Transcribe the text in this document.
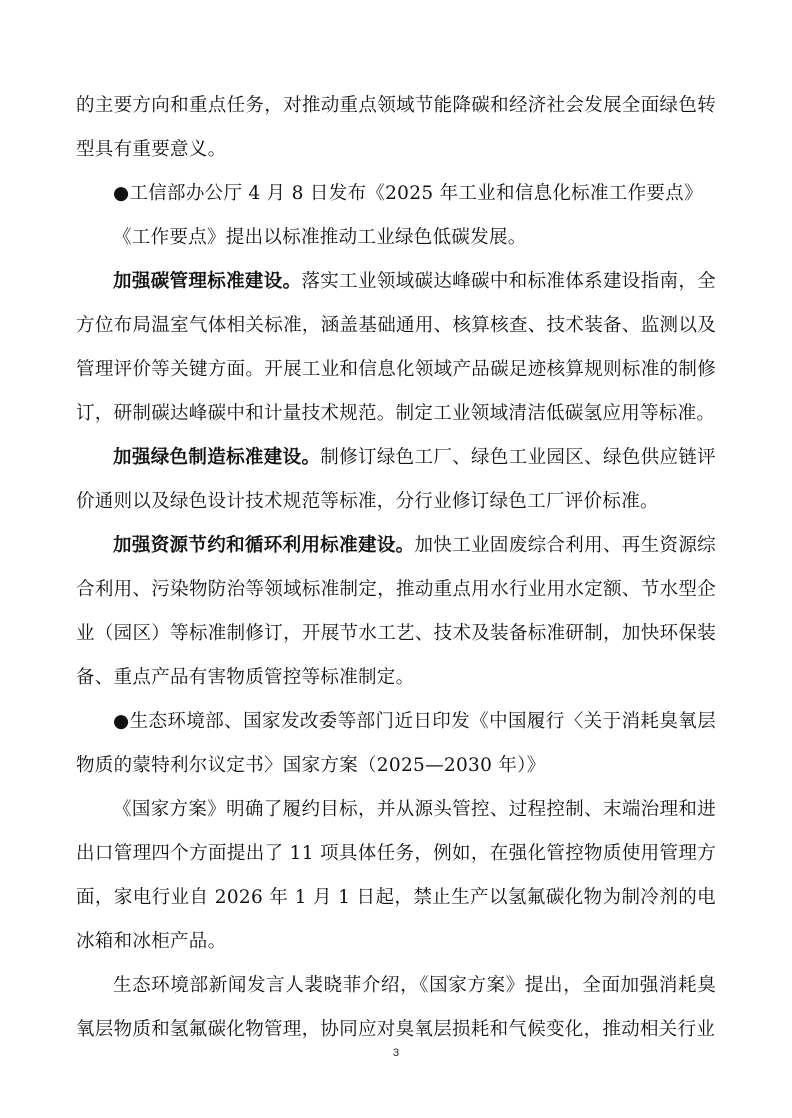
的主要方向和重点任务，对推动重点领域节能降碳和经济社会发展全面绿色转型具有重要意义。

●工信部办公厅 4 月 8 日发布《2025 年工业和信息化标准工作要点》

《工作要点》提出以标准推动工业绿色低碳发展。

加强碳管理标准建设。落实工业领域碳达峰碳中和标准体系建设指南，全方位布局温室气体相关标准，涵盖基础通用、核算核查、技术装备、监测以及管理评价等关键方面。开展工业和信息化领域产品碳足迹核算规则标准的制修订，研制碳达峰碳中和计量技术规范。制定工业领域清洁低碳氢应用等标准。

加强绿色制造标准建设。制修订绿色工厂、绿色工业园区、绿色供应链评价通则以及绿色设计技术规范等标准，分行业修订绿色工厂评价标准。

加强资源节约和循环利用标准建设。加快工业固废综合利用、再生资源综合利用、污染物防治等领域标准制定，推动重点用水行业用水定额、节水型企业（园区）等标准制修订，开展节水工艺、技术及装备标准研制，加快环保装备、重点产品有害物质管控等标准制定。

●生态环境部、国家发改委等部门近日印发《中国履行〈关于消耗臭氧层物质的蒙特利尔议定书〉国家方案（2025—2030 年）》

《国家方案》明确了履约目标，并从源头管控、过程控制、末端治理和进出口管理四个方面提出了 11 项具体任务，例如，在强化管控物质使用管理方面，家电行业自 2026 年 1 月 1 日起，禁止生产以氢氟碳化物为制冷剂的电冰箱和冰柜产品。

生态环境部新闻发言人裴晓菲介绍，《国家方案》提出，全面加强消耗臭氧层物质和氢氟碳化物管理，协同应对臭氧层损耗和气候变化，推动相关行业

3
